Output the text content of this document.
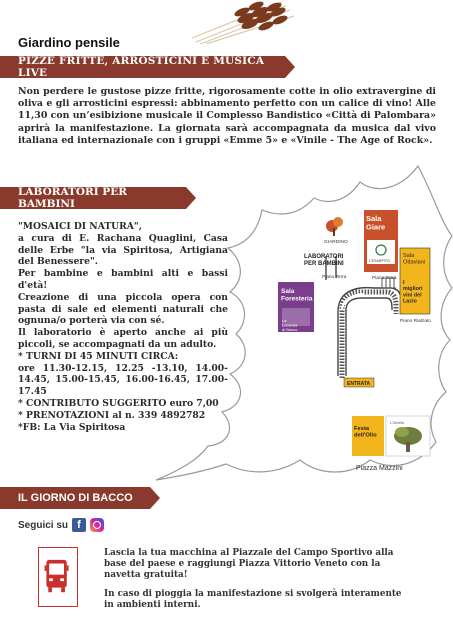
Giardino pensile
PIZZE FRITTE, ARROSTICINI E MUSICA LIVE
Non perdere le gustose pizze fritte, rigorosamente cotte in olio extravergine di oliva e gli arrosticini espressi: abbinamento perfetto con un calice di vino! Alle 11,30 con un’esibizione musicale il Complesso Bandistico «Città di Palombara» aprirà la manifestazione. La giornata sarà accompagnata da musica dal vivo italiana ed internazionale con i gruppi «Emme 5» e «Vinile - The Age of Rock».
Sala Giare
L'ESARPITO
Piano Terra
Sala Ottaviani
I migliori vini del Lazio
Piano Rialzato
GIARDINO
LABORATORI PER BAMBINI
Piano Terra
Sala Foresteria
La Locanda di Bacco
ENTRATA
Festa dell'Olio
L'Ulivello
Piazza Mazzini
LABORATORI PER BAMBINI

"MOSAICI DI NATURA",

a cura di E. Rachana Quaglini, Casa delle Erbe "la via Spiritosa, Artigiana del Benessere".

Per bambine e bambini alti e bassi d'età!

Creazione di una piccola opera con pasta di sale ed elementi naturali che ognuna/o porterà via con sé.

Il laboratorio è aperto anche ai più piccoli, se accompagnati da un adulto.

* TURNI DI 45 MINUTI CIRCA:

ore 11.30-12.15, 12.25 -13.10, 14.00-14.45, 15.00-15.45, 16.00-16.45, 17.00-17.45

* CONTRIBUTO SUGGERITO euro 7,00

* PRENOTAZIONI al n. 339 4892782

*FB: La Via Spiritosa

IL GIORNO DI BACCO
Seguici su f

Lascia la tua macchina al Piazzale del Campo Sportivo alla base del paese e raggiungi Piazza Vittorio Veneto con la navetta gratuita!

In caso di pioggia la manifestazione si svolgerà interamente in ambienti interni.
